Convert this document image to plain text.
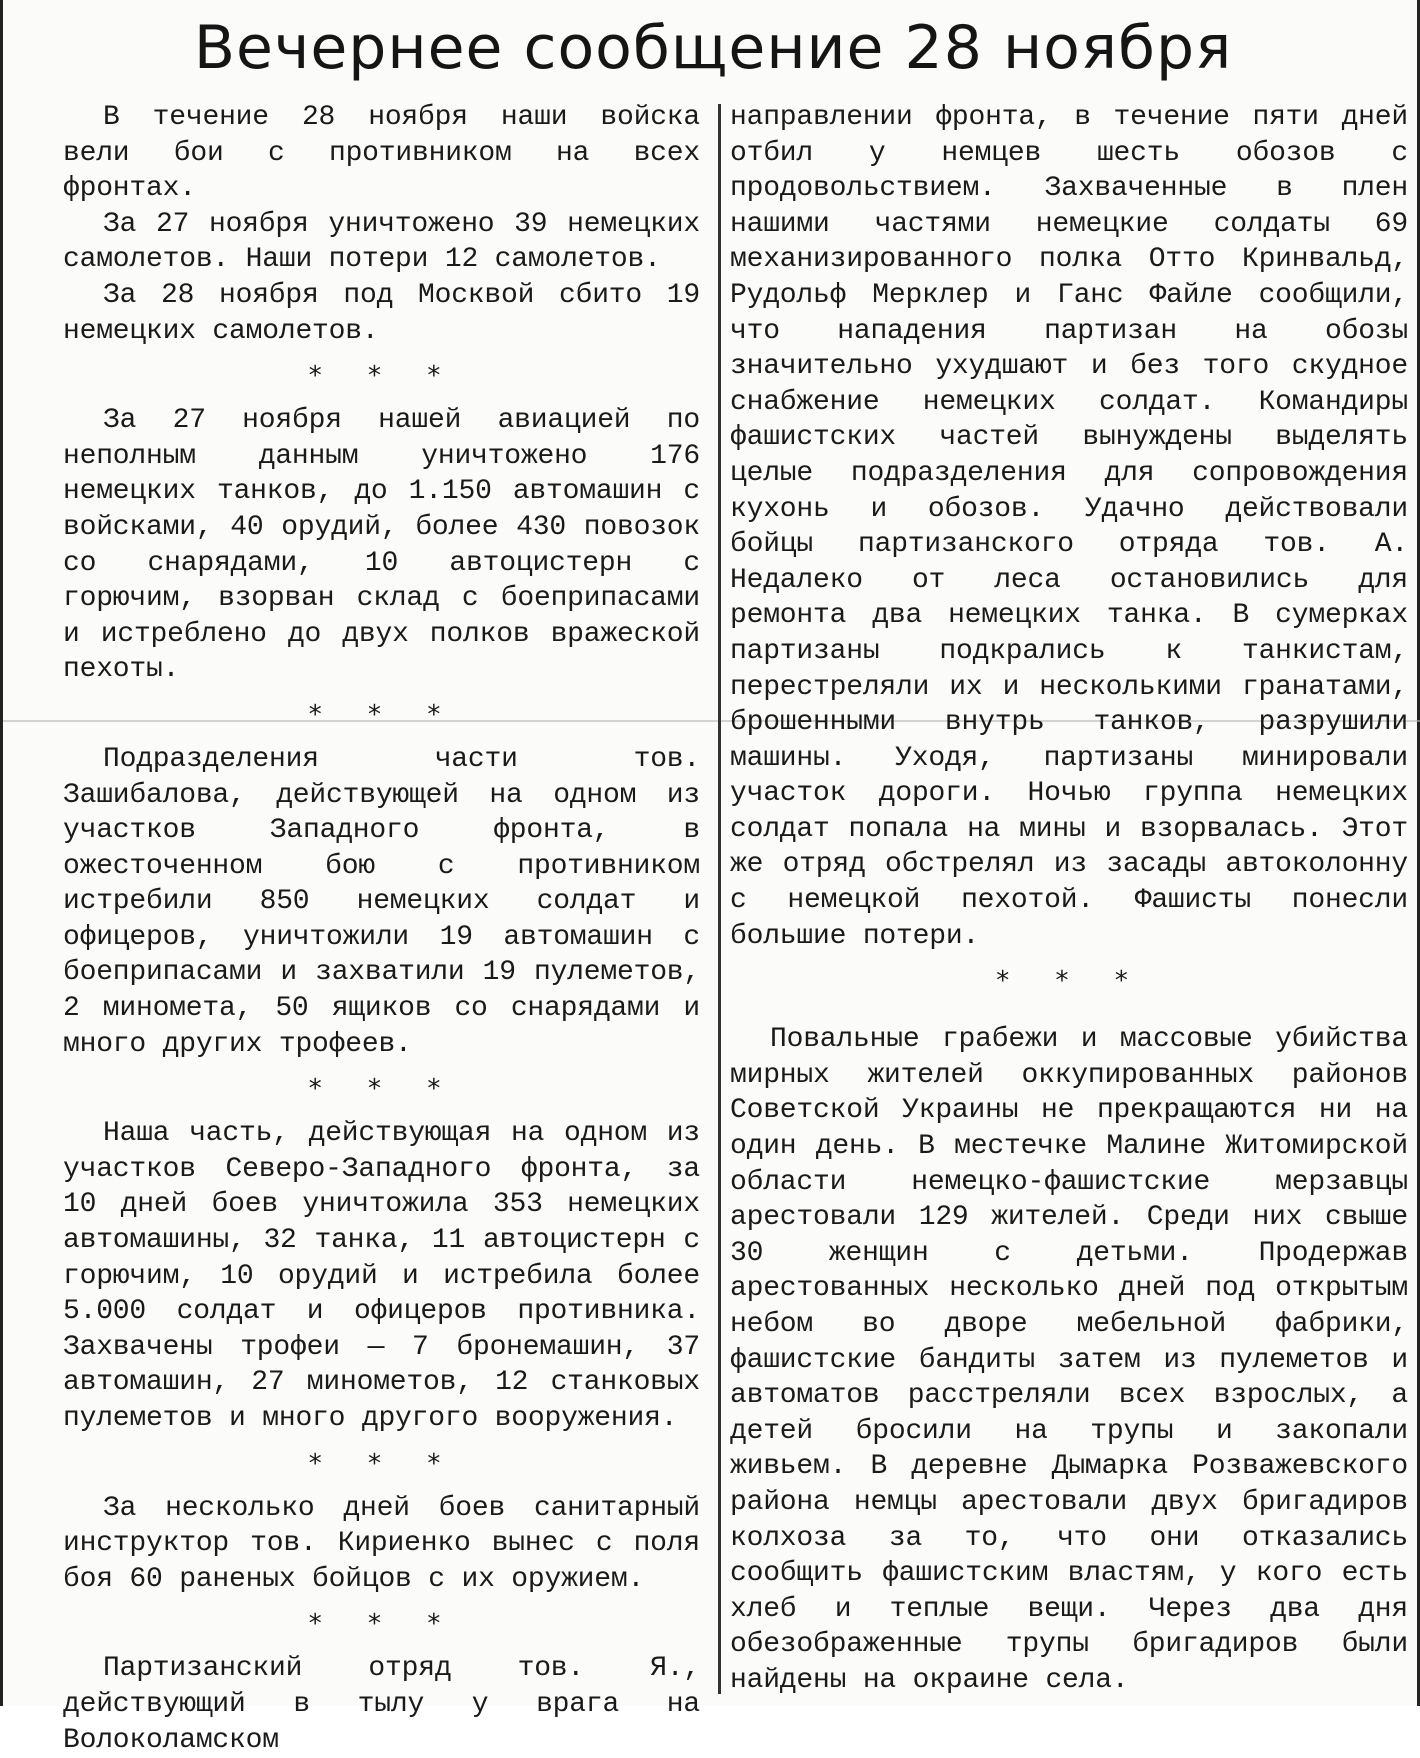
Вечернее сообщение 28 ноября

В течение 28 ноября наши войска вели бои с противником на всех фронтах.

За 27 ноября уничтожено 39 немецких самолетов. Наши потери 12 самолетов.

За 28 ноября под Москвой сбито 19 немецких самолетов.

* * *

За 27 ноября нашей авиацией по неполным данным уничтожено 176 немецких танков, до 1.150 автомашин с войсками, 40 орудий, более 430 повозок со снарядами, 10 автоцистерн с горючим, взорван склад с боеприпасами и истреблено до двух полков вражеской пехоты.

* * *

Подразделения части тов. Зашибалова, действующей на одном из участков Западного фронта, в ожесточенном бою с противником истребили 850 немецких солдат и офицеров, уничтожили 19 автомашин с боеприпасами и захватили 19 пулеметов, 2 миномета, 50 ящиков со снарядами и много других трофеев.

* * *

Наша часть, действующая на одном из участков Северо-Западного фронта, за 10 дней боев уничтожила 353 немецких автомашины, 32 танка, 11 автоцистерн с горючим, 10 орудий и истребила более 5.000 солдат и офицеров противника. Захвачены трофеи — 7 бронемашин, 37 автомашин, 27 минометов, 12 станковых пулеметов и много другого вооружения.

* * *

За несколько дней боев санитарный инструктор тов. Кириенко вынес с поля боя 60 раненых бойцов с их оружием.

* * *

Партизанский отряд тов. Я., действующий в тылу у врага на Волоколамском

направлении фронта, в течение пяти дней отбил у немцев шесть обозов с продовольствием. Захваченные в плен нашими частями немецкие солдаты 69 механизированного полка Отто Кринвальд, Рудольф Мерклер и Ганс Файле сообщили, что нападения партизан на обозы значительно ухудшают и без того скудное снабжение немецких солдат. Командиры фашистских частей вынуждены выделять целые подразделения для сопровождения кухонь и обозов. Удачно действовали бойцы партизанского отряда тов. А. Недалеко от леса остановились для ремонта два немецких танка. В сумерках партизаны подкрались к танкистам, перестреляли их и несколькими гранатами, брошенными внутрь танков, разрушили машины. Уходя, партизаны минировали участок дороги. Ночью группа немецких солдат попала на мины и взорвалась. Этот же отряд обстрелял из засады автоколонну с немецкой пехотой. Фашисты понесли большие потери.

* * *

Повальные грабежи и массовые убийства мирных жителей оккупированных районов Советской Украины не прекращаются ни на один день. В местечке Малине Житомирской области немецко-фашистские мерзавцы арестовали 129 жителей. Среди них свыше 30 женщин с детьми. Продержав арестованных несколько дней под открытым небом во дворе мебельной фабрики, фашистские бандиты затем из пулеметов и автоматов расстреляли всех взрослых, а детей бросили на трупы и закопали живьем. В деревне Дымарка Розважевского района немцы арестовали двух бригадиров колхоза за то, что они отказались сообщить фашистским властям, у кого есть хлеб и теплые вещи. Через два дня обезображенные трупы бригадиров были найдены на окраине села.
